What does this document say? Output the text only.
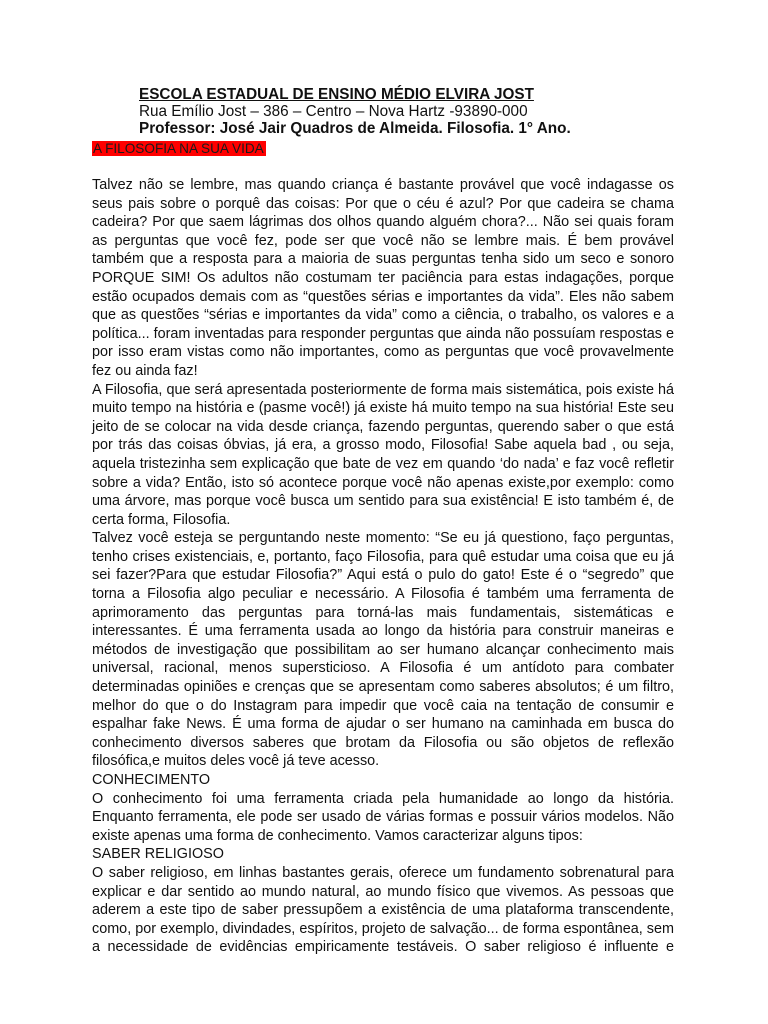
ESCOLA ESTADUAL DE ENSINO MÉDIO ELVIRA JOST
Rua Emílio Jost – 386 – Centro – Nova Hartz -93890-000
Professor: José Jair Quadros de Almeida. Filosofia. 1° Ano.
A FILOSOFIA NA SUA VIDA

Talvez não se lembre, mas quando criança é bastante provável que você indagasse os seus pais sobre o porquê das coisas: Por que o céu é azul? Por que cadeira se chama cadeira? Por que saem lágrimas dos olhos quando alguém chora?... Não sei quais foram as perguntas que você fez, pode ser que você não se lembre mais. É bem provável também que a resposta para a maioria de suas perguntas tenha sido um seco e sonoro PORQUE SIM! Os adultos não costumam ter paciência para estas indagações, porque estão ocupados demais com as “questões sérias e importantes da vida”. Eles não sabem que as questões “sérias e importantes da vida” como a ciência, o trabalho, os valores e a política... foram inventadas para responder perguntas que ainda não possuíam respostas e por isso eram vistas como não importantes, como as perguntas que você provavelmente fez ou ainda faz!

A Filosofia, que será apresentada posteriormente de forma mais sistemática, pois existe há muito tempo na história e (pasme você!) já existe há muito tempo na sua história! Este seu jeito de se colocar na vida desde criança, fazendo perguntas, querendo saber o que está por trás das coisas óbvias, já era, a grosso modo, Filosofia! Sabe aquela bad , ou seja, aquela tristezinha sem explicação que bate de vez em quando ‘do nada’ e faz você refletir sobre a vida? Então, isto só acontece porque você não apenas existe,por exemplo: como uma árvore, mas porque você busca um sentido para sua existência! E isto também é, de certa forma, Filosofia.

Talvez você esteja se perguntando neste momento: “Se eu já questiono, faço perguntas, tenho crises existenciais, e, portanto, faço Filosofia, para quê estudar uma coisa que eu já sei fazer?Para que estudar Filosofia?” Aqui está o pulo do gato! Este é o “segredo” que torna a Filosofia algo peculiar e necessário. A Filosofia é também uma ferramenta de aprimoramento das perguntas para torná-las mais fundamentais, sistemáticas e interessantes. É uma ferramenta usada ao longo da história para construir maneiras e métodos de investigação que possibilitam ao ser humano alcançar conhecimento mais universal, racional, menos supersticioso. A Filosofia é um antídoto para combater determinadas opiniões e crenças que se apresentam como saberes absolutos; é um filtro, melhor do que o do Instagram para impedir que você caia na tentação de consumir e espalhar fake News. É uma forma de ajudar o ser humano na caminhada em busca do conhecimento diversos saberes que brotam da Filosofia ou são objetos de reflexão filosófica,e muitos deles você já teve acesso.

CONHECIMENTO

O conhecimento foi uma ferramenta criada pela humanidade ao longo da história. Enquanto ferramenta, ele pode ser usado de várias formas e possuir vários modelos. Não existe apenas uma forma de conhecimento. Vamos caracterizar alguns tipos:

SABER RELIGIOSO

O saber religioso, em linhas bastantes gerais, oferece um fundamento sobrenatural para explicar e dar sentido ao mundo natural, ao mundo físico que vivemos. As pessoas que aderem a este tipo de saber pressupõem a existência de uma plataforma transcendente, como, por exemplo, divindades, espíritos, projeto de salvação... de forma espontânea, sem a necessidade de evidências empiricamente testáveis. O saber religioso é influente e
